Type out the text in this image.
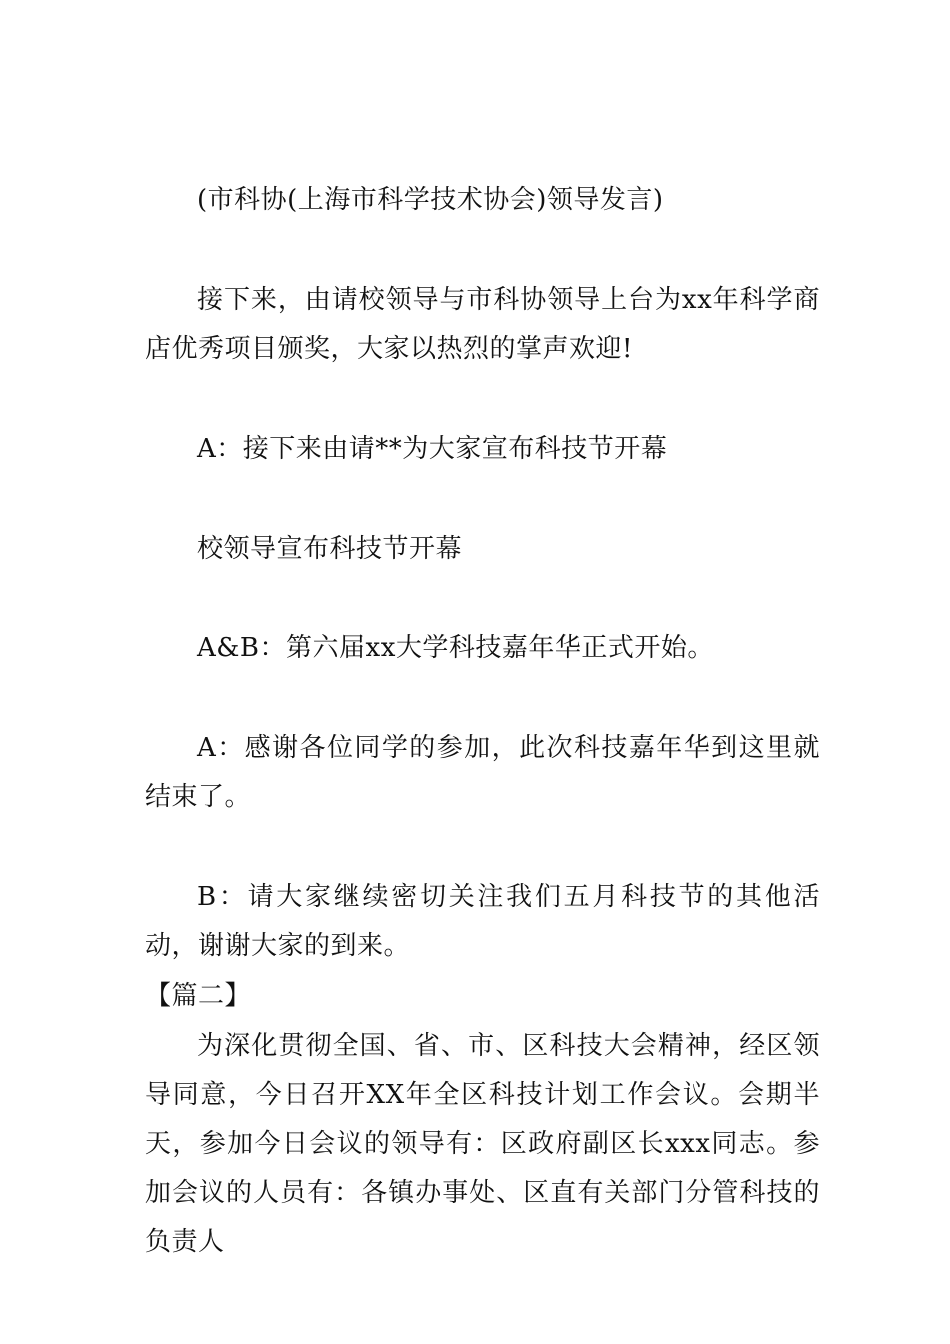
(市科协(上海市科学技术协会)领导发言)

接下来，由请校领导与市科协领导上台为xx年科学商店优秀项目颁奖，大家以热烈的掌声欢迎!

A：接下来由请**为大家宣布科技节开幕

校领导宣布科技节开幕

A&B：第六届xx大学科技嘉年华正式开始。

A：感谢各位同学的参加，此次科技嘉年华到这里就结束了。

B：请大家继续密切关注我们五月科技节的其他活动，谢谢大家的到来。

【篇二】

为深化贯彻全国、省、市、区科技大会精神，经区领导同意，今日召开XX年全区科技计划工作会议。会期半天，参加今日会议的领导有：区政府副区长xxx同志。参加会议的人员有：各镇办事处、区直有关部门分管科技的负责人
